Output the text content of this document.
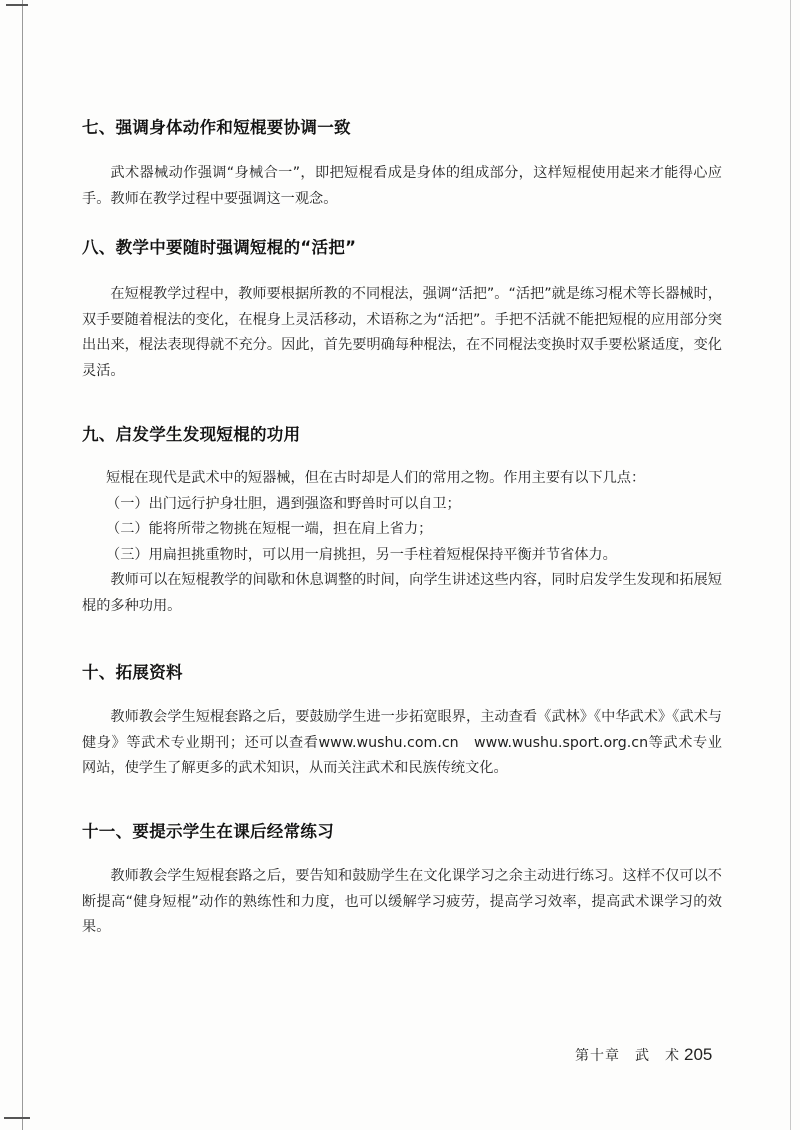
七、强调身体动作和短棍要协调一致

武术器械动作强调“身械合一”，即把短棍看成是身体的组成部分，这样短棍使用起来才能得心应手。教师在教学过程中要强调这一观念。

八、教学中要随时强调短棍的“活把”

在短棍教学过程中，教师要根据所教的不同棍法，强调“活把”。“活把”就是练习棍术等长器械时，双手要随着棍法的变化，在棍身上灵活移动，术语称之为“活把”。手把不活就不能把短棍的应用部分突出出来，棍法表现得就不充分。因此，首先要明确每种棍法，在不同棍法变换时双手要松紧适度，变化灵活。

九、启发学生发现短棍的功用

短棍在现代是武术中的短器械，但在古时却是人们的常用之物。作用主要有以下几点：

（一）出门远行护身壮胆，遇到强盗和野兽时可以自卫；

（二）能将所带之物挑在短棍一端，担在肩上省力；

（三）用扁担挑重物时，可以用一肩挑担，另一手柱着短棍保持平衡并节省体力。

教师可以在短棍教学的间歇和休息调整的时间，向学生讲述这些内容，同时启发学生发现和拓展短棍的多种功用。

十、拓展资料

教师教会学生短棍套路之后，要鼓励学生进一步拓宽眼界，主动查看《武林》《中华武术》《武术与健身》等武术专业期刊；还可以查看www.wushu.com.cn　www.wushu.sport.org.cn等武术专业网站，使学生了解更多的武术知识，从而关注武术和民族传统文化。

十一、要提示学生在课后经常练习

教师教会学生短棍套路之后，要告知和鼓励学生在文化课学习之余主动进行练习。这样不仅可以不断提高“健身短棍”动作的熟练性和力度，也可以缓解学习疲劳，提高学习效率，提高武术课学习的效果。

第十章　武　术 205
